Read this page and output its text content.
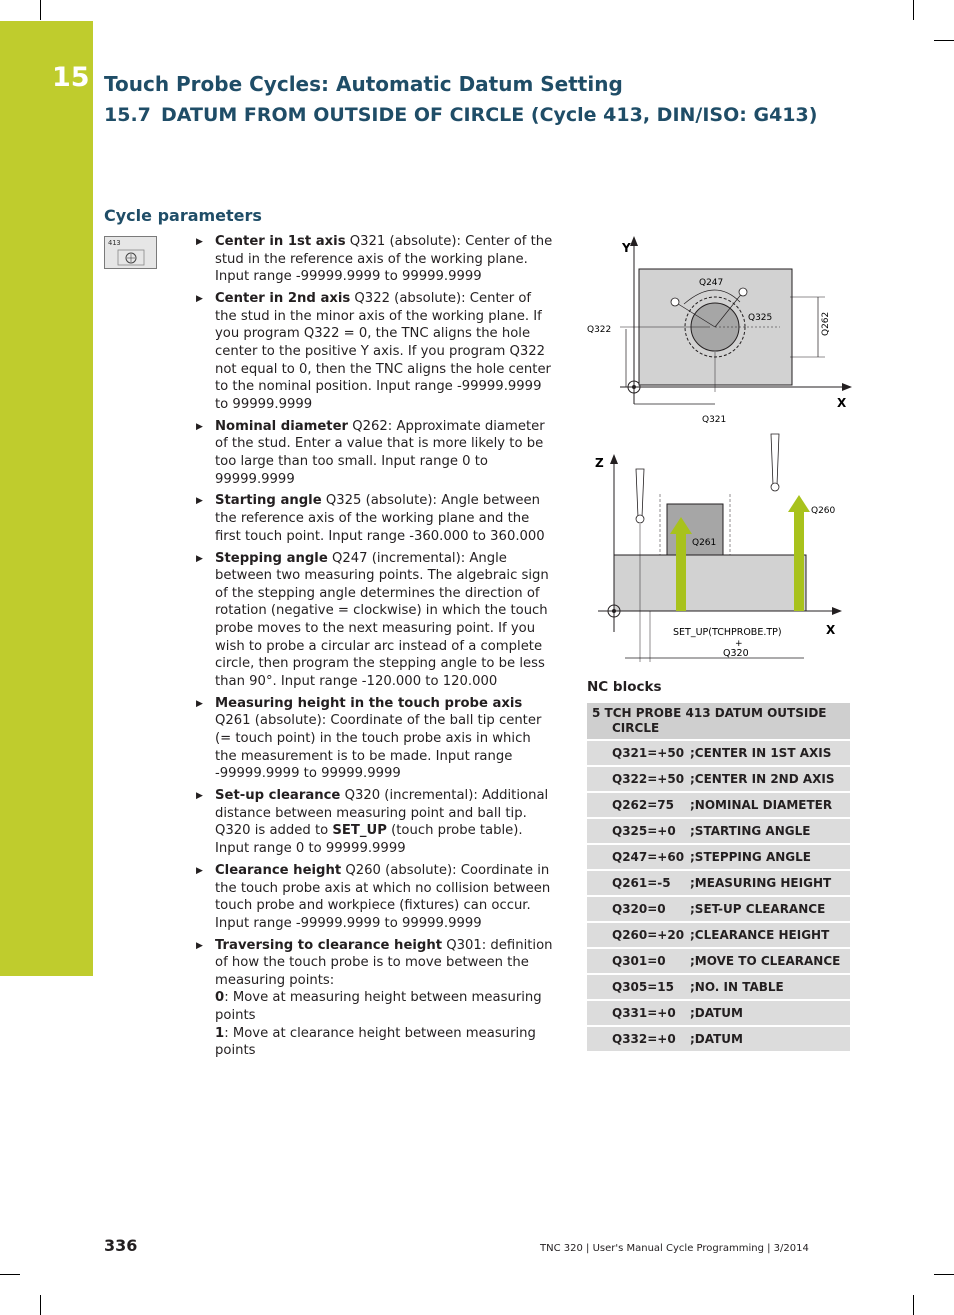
15 Touch Probe Cycles: Automatic Datum Setting
15.7 DATUM FROM OUTSIDE OF CIRCLE (Cycle 413, DIN/ISO: G413)
Cycle parameters
413	▶ Center in 1st axis Q321 (absolute): Center of the stud in the reference axis of the working plane. Input range -99999.9999 to 99999.9999
▶ Center in 2nd axis Q322 (absolute): Center of the stud in the minor axis of the working plane. If you program Q322 = 0, the TNC aligns the hole center to the positive Y axis. If you program Q322 not equal to 0, then the TNC aligns the hole center to the nominal position. Input range -99999.9999 to 99999.9999
▶ Nominal diameter Q262: Approximate diameter of the stud. Enter a value that is more likely to be too large than too small. Input range 0 to 99999.9999
▶ Starting angle Q325 (absolute): Angle between the reference axis of the working plane and the first touch point. Input range -360.000 to 360.000
▶ Stepping angle Q247 (incremental): Angle between two measuring points. The algebraic sign of the stepping angle determines the direction of rotation (negative = clockwise) in which the touch probe moves to the next measuring point. If you wish to probe a circular arc instead of a complete circle, then program the stepping angle to be less than 90°. Input range -120.000 to 120.000
▶ Measuring height in the touch probe axis Q261 (absolute): Coordinate of the ball tip center (= touch point) in the touch probe axis in which the measurement is to be made. Input range -99999.9999 to 99999.9999
▶ Set-up clearance Q320 (incremental): Additional distance between measuring point and ball tip. Q320 is added to SET_UP (touch probe table). Input range 0 to 99999.9999
▶ Clearance height Q260 (absolute): Coordinate in the touch probe axis at which no collision between touch probe and workpiece (fixtures) can occur. Input range -99999.9999 to 99999.9999
▶ Traversing to clearance height Q301: definition of how the touch probe is to move between the measuring points:
0: Move at measuring height between measuring points
1: Move at clearance height between measuring points
Y
X
Q247
Q325
Q322
Q321
Q262
Z
X
Q261
Q260
SET_UP(TCHPROBE.TP)
+
Q320
NC blocks
5 TCH PROBE 413 DATUM OUTSIDE
CIRCLE	

Q321=+50	;CENTER IN 1ST AXIS
Q322=+50	;CENTER IN 2ND AXIS
Q262=75	;NOMINAL DIAMETER
Q325=+0	;STARTING ANGLE
Q247=+60	;STEPPING ANGLE
Q261=-5	;MEASURING HEIGHT
Q320=0	;SET-UP CLEARANCE
Q260=+20	;CLEARANCE HEIGHT
Q301=0	;MOVE TO CLEARANCE
Q305=15	;NO. IN TABLE
Q331=+0	;DATUM
Q332=+0	;DATUM
336	TNC 320 | User's Manual Cycle Programming | 3/2014
